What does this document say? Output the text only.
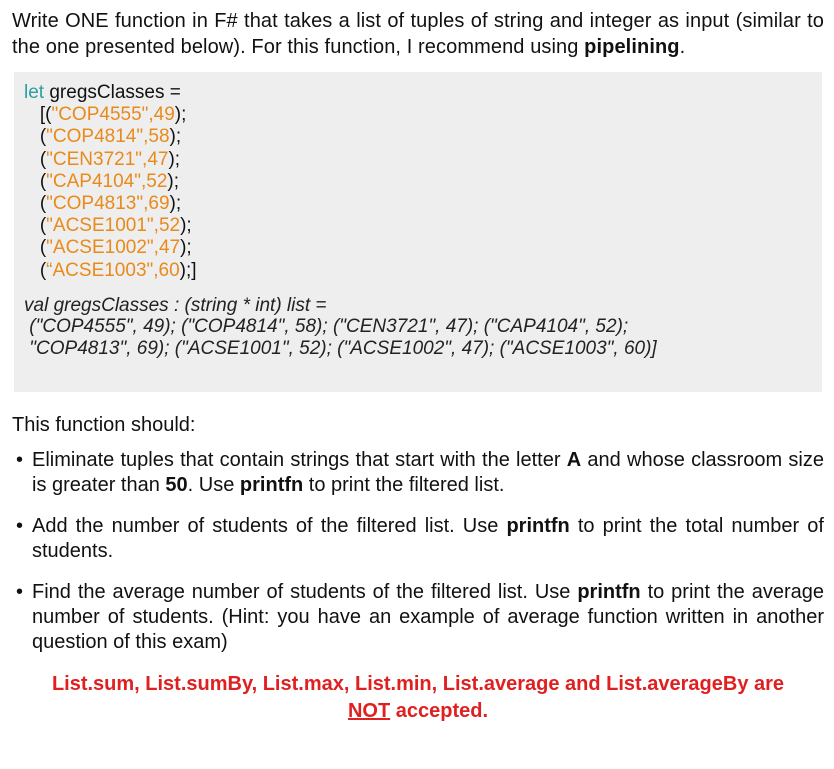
Write ONE function in F# that takes a list of tuples of string and integer as input (similar to the one presented below). For this function, I recommend using pipelining.

let gregsClasses =
[("COP4555",49);
("COP4814",58);
("CEN3721",47);
("CAP4104",52);
("COP4813",69);
("ACSE1001",52);
("ACSE1002",47);
(“ACSE1003",60);]
val gregsClasses : (string * int) list =
("COP4555", 49); ("COP4814", 58); ("CEN3721", 47); ("CAP4104", 52);
"COP4813", 69); ("ACSE1001", 52); ("ACSE1002", 47); ("ACSE1003", 60)]

This function should:

• Eliminate tuples that contain strings that start with the letter A and whose classroom size is greater than 50. Use printfn to print the filtered list.
• Add the number of students of the filtered list. Use printfn to print the total number of students.
• Find the average number of students of the filtered list. Use printfn to print the average number of students. (Hint: you have an example of average function written in another question of this exam)
List.sum, List.sumBy, List.max, List.min, List.average and List.averageBy are
NOT accepted.
